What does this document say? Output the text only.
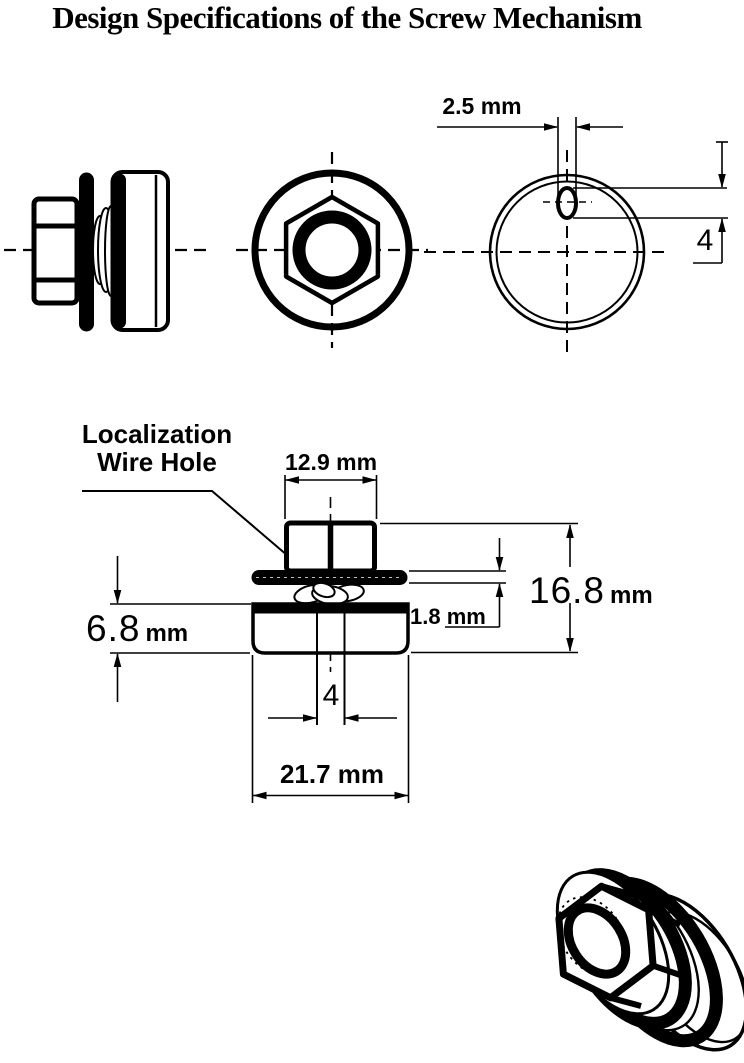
Design Specifications of the Screw Mechanism
Localization
Wire Hole
2.5 mm
4
12.9 mm
16.8 mm
1.8 mm
6.8 mm
4
21.7 mm
